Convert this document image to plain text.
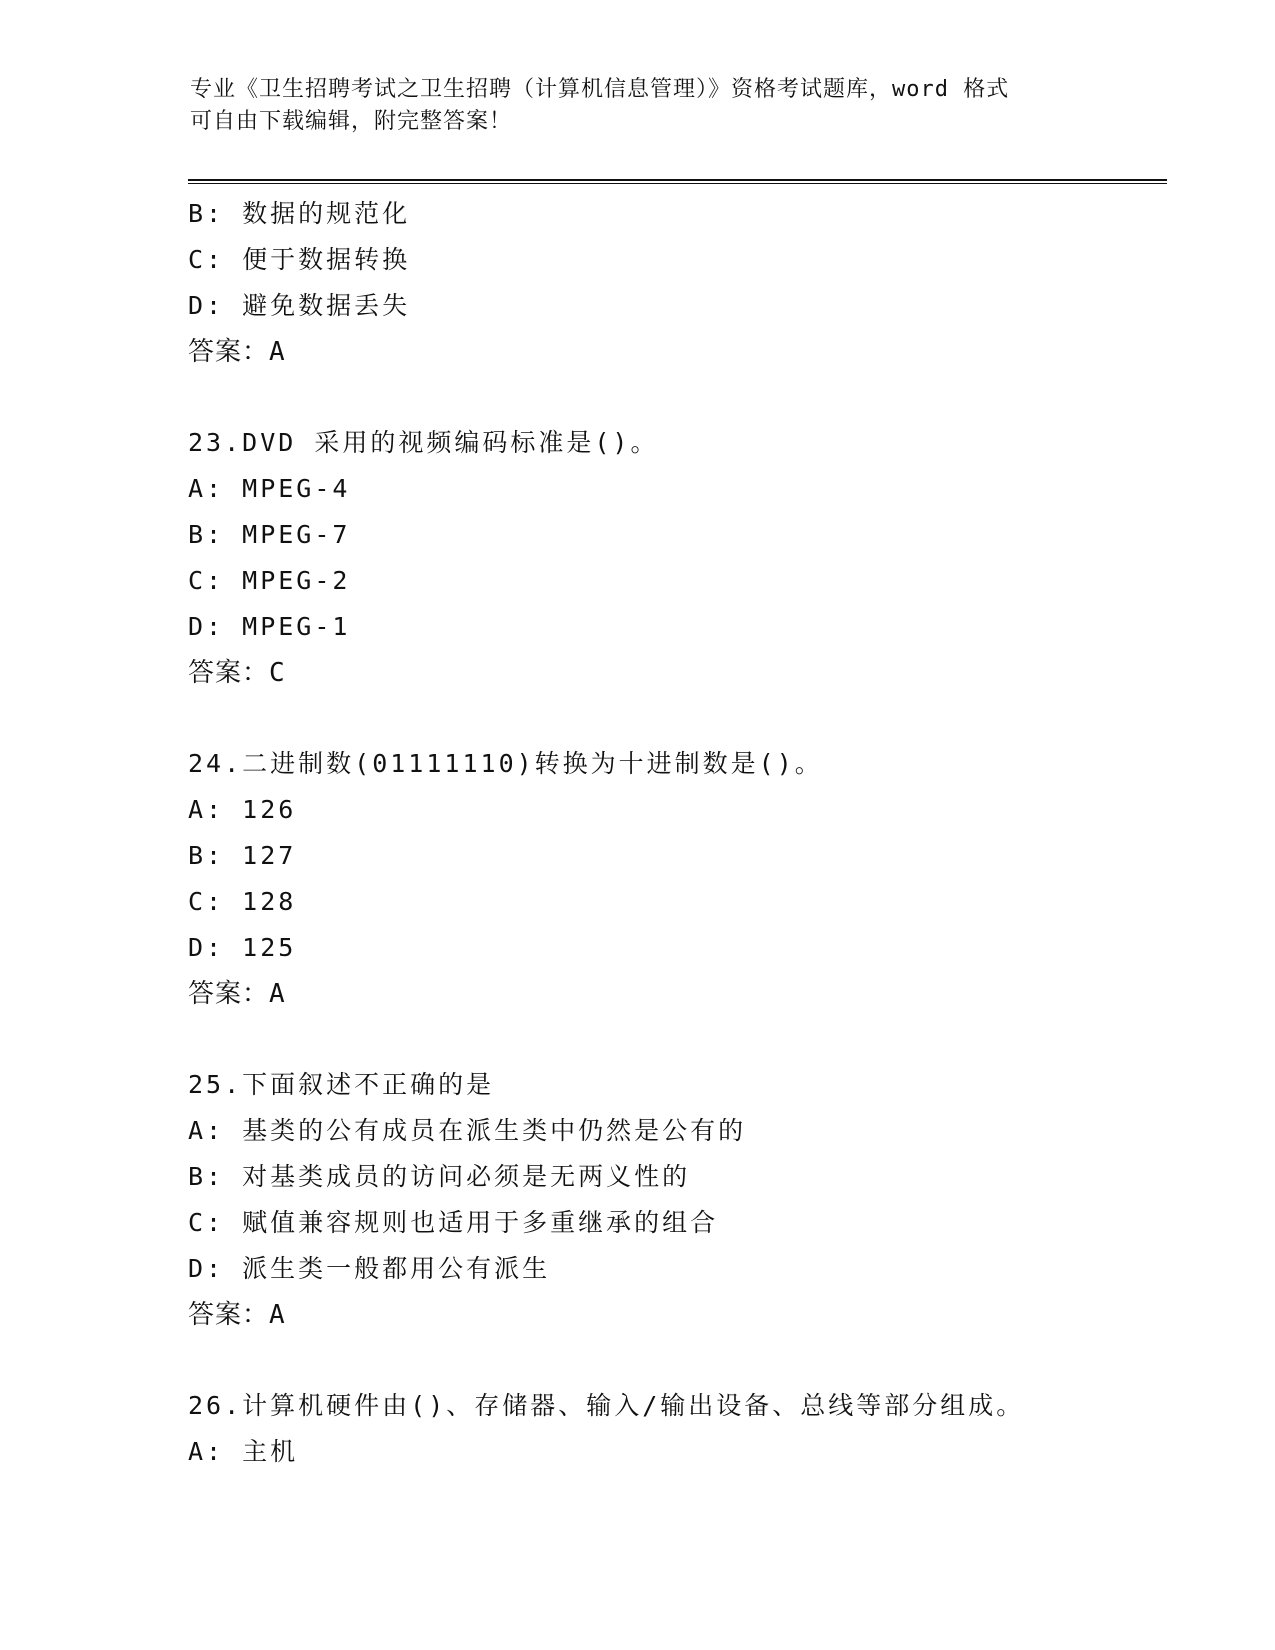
专业《卫生招聘考试之卫生招聘（计算机信息管理）》资格考试题库，word 格式
可自由下载编辑，附完整答案！
B: 数据的规范化
C: 便于数据转换
D: 避免数据丢失
答案：A
23.DVD 采用的视频编码标准是()。
A: MPEG-4
B: MPEG-7
C: MPEG-2
D: MPEG-1
答案：C
24.二进制数(01111110)转换为十进制数是()。
A: 126
B: 127
C: 128
D: 125
答案：A
25.下面叙述不正确的是
A: 基类的公有成员在派生类中仍然是公有的
B: 对基类成员的访问必须是无两义性的
C: 赋值兼容规则也适用于多重继承的组合
D: 派生类一般都用公有派生
答案：A
26.计算机硬件由()、存储器、输入/输出设备、总线等部分组成。
A: 主机
